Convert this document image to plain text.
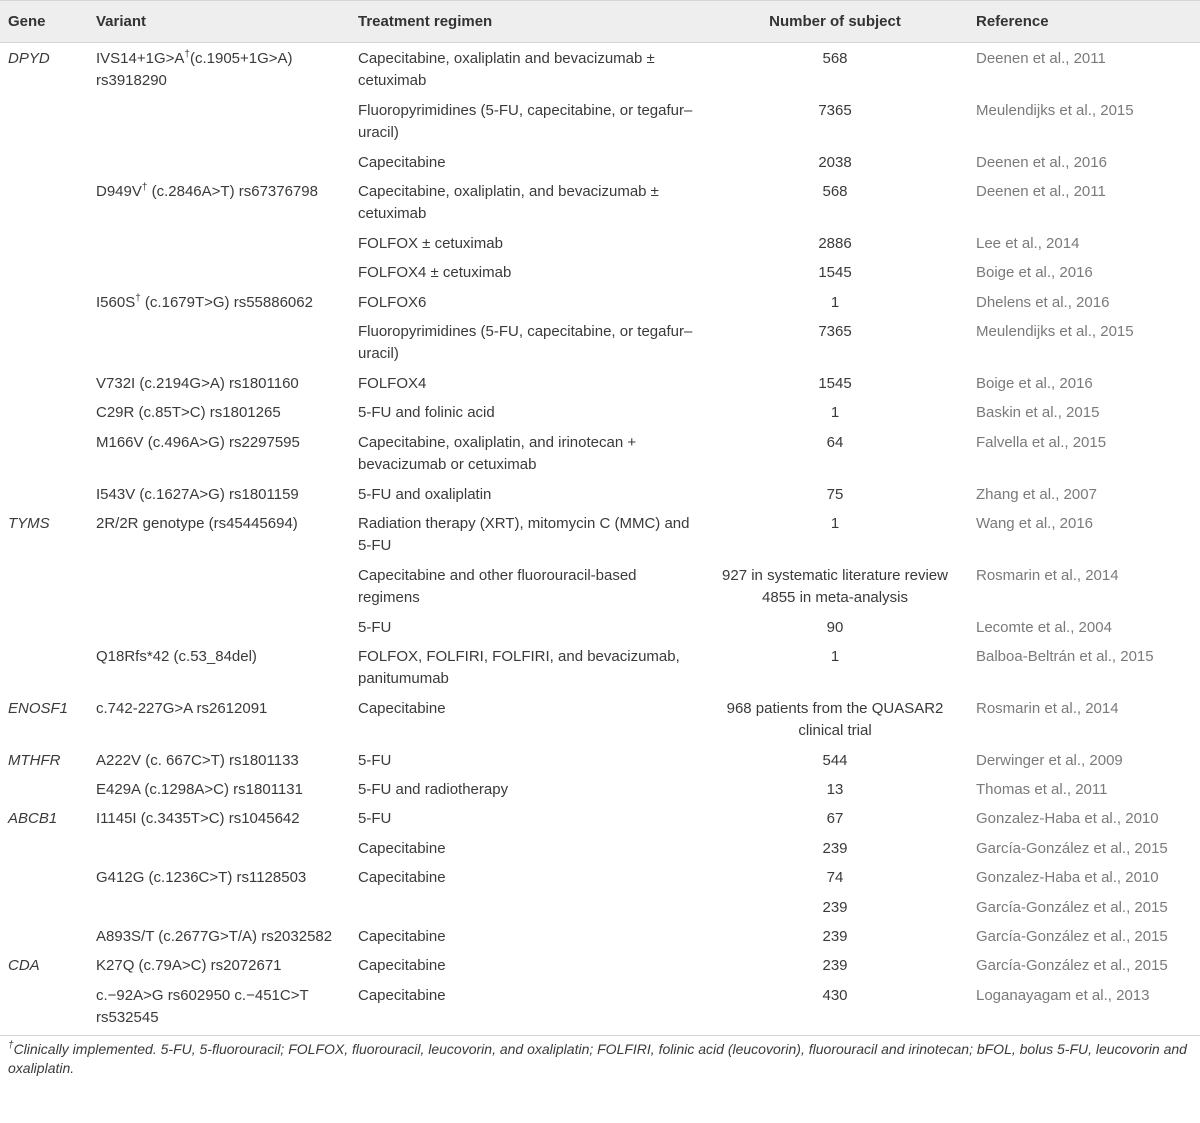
Gene	Variant	Treatment regimen	Number of subject	Reference
DPYD	IVS14+1G>A†(c.1905+1G>A) rs3918290	Capecitabine, oxaliplatin and bevacizumab ± cetuximab	568	Deenen et al., 2011
		Fluoropyrimidines (5-FU, capecitabine, or tegafur–uracil)	7365	Meulendijks et al., 2015
		Capecitabine	2038	Deenen et al., 2016
	D949V† (c.2846A>T) rs67376798	Capecitabine, oxaliplatin, and bevacizumab ± cetuximab	568	Deenen et al., 2011
		FOLFOX ± cetuximab	2886	Lee et al., 2014
		FOLFOX4 ± cetuximab	1545	Boige et al., 2016
	I560S† (c.1679T>G) rs55886062	FOLFOX6	1	Dhelens et al., 2016
		Fluoropyrimidines (5-FU, capecitabine, or tegafur–uracil)	7365	Meulendijks et al., 2015
	V732I (c.2194G>A) rs1801160	FOLFOX4	1545	Boige et al., 2016
	C29R (c.85T>C) rs1801265	5-FU and folinic acid	1	Baskin et al., 2015
	M166V (c.496A>G) rs2297595	Capecitabine, oxaliplatin, and irinotecan + bevacizumab or cetuximab	64	Falvella et al., 2015
	I543V (c.1627A>G) rs1801159	5-FU and oxaliplatin	75	Zhang et al., 2007
TYMS	2R/2R genotype (rs45445694)	Radiation therapy (XRT), mitomycin C (MMC) and 5-FU	1	Wang et al., 2016
		Capecitabine and other fluorouracil-based regimens	927 in systematic literature review 4855 in meta-analysis	Rosmarin et al., 2014
		5-FU	90	Lecomte et al., 2004
	Q18Rfs*42 (c.53_84del)	FOLFOX, FOLFIRI, FOLFIRI, and bevacizumab, panitumumab	1	Balboa-Beltrán et al., 2015
ENOSF1	c.742-227G>A rs2612091	Capecitabine	968 patients from the QUASAR2 clinical trial	Rosmarin et al., 2014
MTHFR	A222V (c. 667C>T) rs1801133	5-FU	544	Derwinger et al., 2009
	E429A (c.1298A>C) rs1801131	5-FU and radiotherapy	13	Thomas et al., 2011
ABCB1	I1145I (c.3435T>C) rs1045642	5-FU	67	Gonzalez-Haba et al., 2010
		Capecitabine	239	García-González et al., 2015
	G412G (c.1236C>T) rs1128503	Capecitabine	74	Gonzalez-Haba et al., 2010
			239	García-González et al., 2015
	A893S/T (c.2677G>T/A) rs2032582	Capecitabine	239	García-González et al., 2015
CDA	K27Q (c.79A>C) rs2072671	Capecitabine	239	García-González et al., 2015
	c.−92A>G rs602950 c.−451C>T rs532545	Capecitabine	430	Loganayagam et al., 2013
†Clinically implemented. 5-FU, 5-fluorouracil; FOLFOX, fluorouracil, leucovorin, and oxaliplatin; FOLFIRI, folinic acid (leucovorin), fluorouracil and irinotecan; bFOL, bolus 5-FU, leucovorin and oxaliplatin.
